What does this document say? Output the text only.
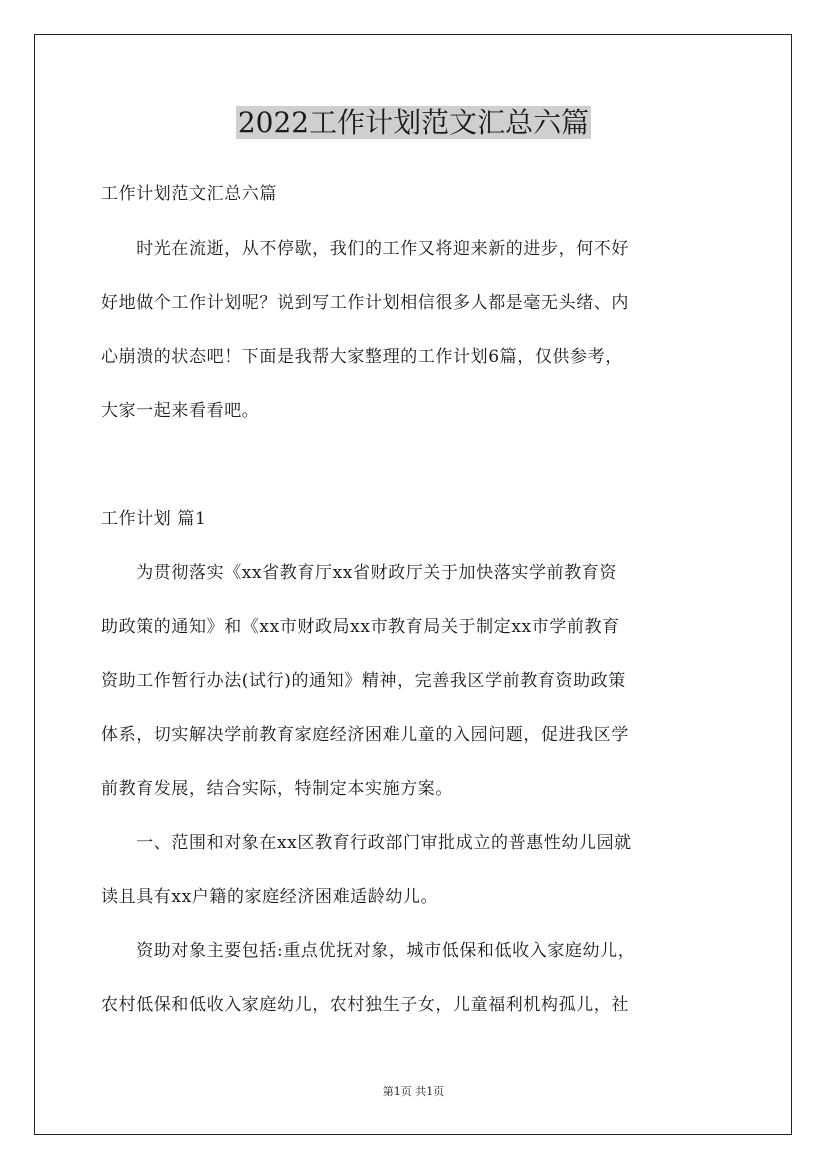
2022工作计划范文汇总六篇
工作计划范文汇总六篇
　　时光在流逝，从不停歇，我们的工作又将迎来新的进步，何不好
好地做个工作计划呢？说到写工作计划相信很多人都是毫无头绪、内
心崩溃的状态吧！下面是我帮大家整理的工作计划6篇，仅供参考，
大家一起来看看吧。
工作计划 篇1
　　为贯彻落实《xx省教育厅xx省财政厅关于加快落实学前教育资
助政策的通知》和《xx市财政局xx市教育局关于制定xx市学前教育
资助工作暂行办法(试行)的通知》精神，完善我区学前教育资助政策
体系，切实解决学前教育家庭经济困难儿童的入园问题，促进我区学
前教育发展，结合实际，特制定本实施方案。
　　一、范围和对象在xx区教育行政部门审批成立的普惠性幼儿园就
读且具有xx户籍的家庭经济困难适龄幼儿。
　　资助对象主要包括:重点优抚对象，城市低保和低收入家庭幼儿，
农村低保和低收入家庭幼儿，农村独生子女，儿童福利机构孤儿，社
第1页 共1页
